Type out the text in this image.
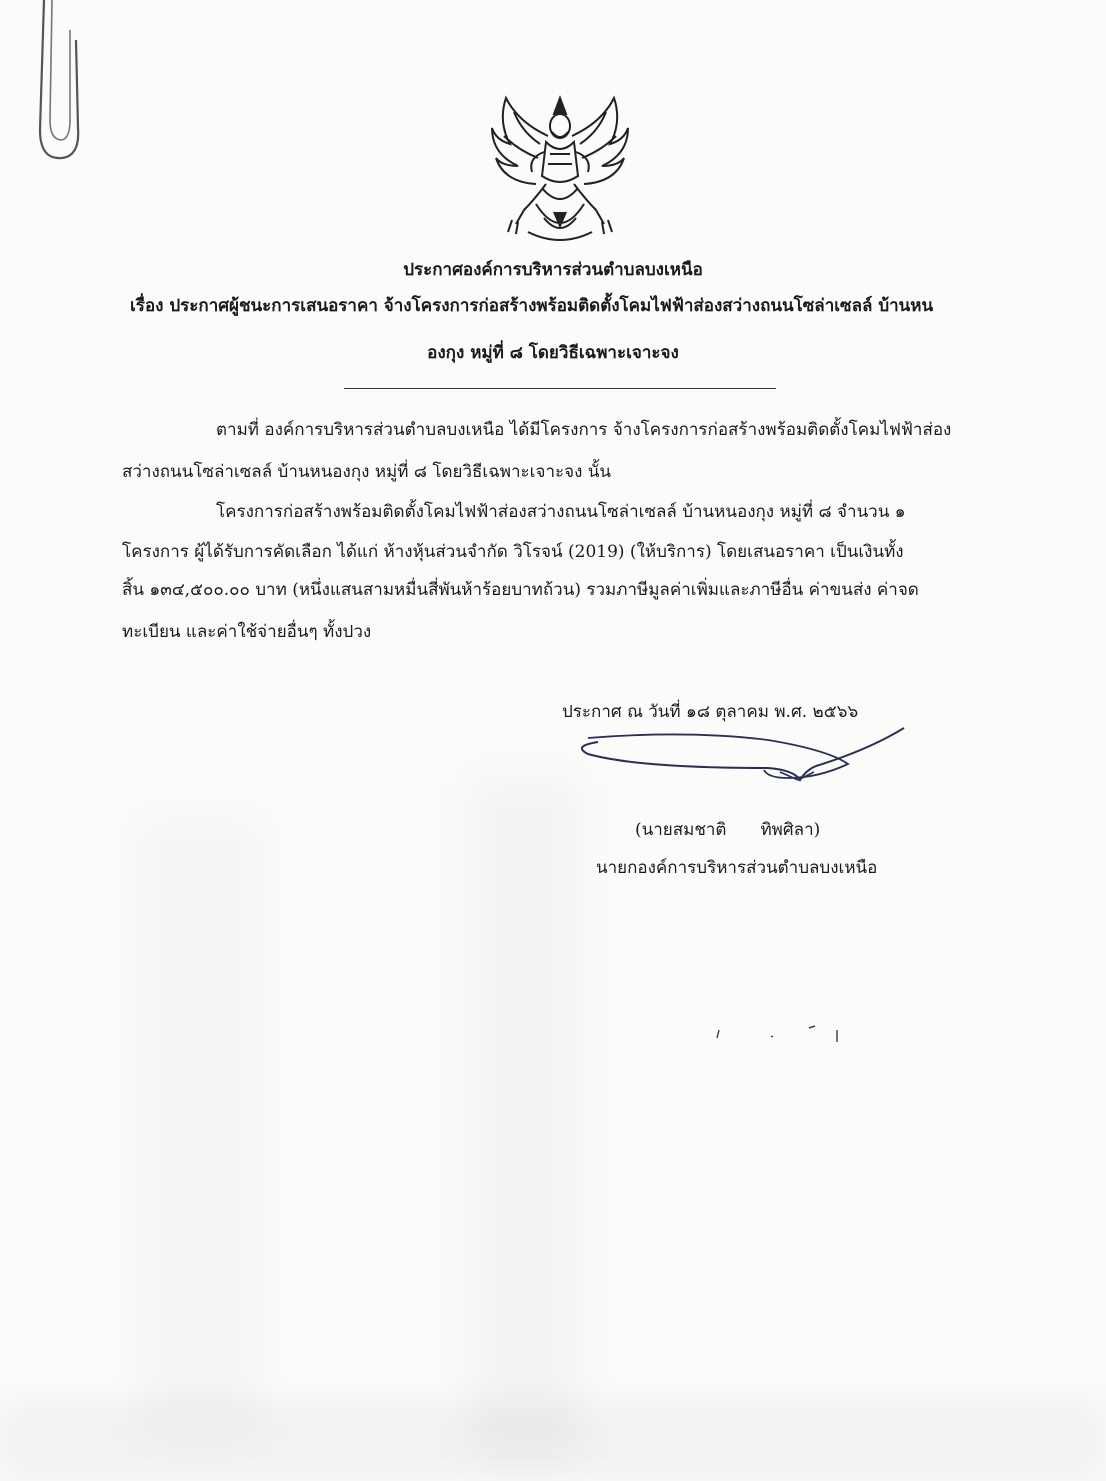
ประกาศองค์การบริหารส่วนตำบลบงเหนือ
เรื่อง ประกาศผู้ชนะการเสนอราคา จ้างโครงการก่อสร้างพร้อมติดตั้งโคมไฟฟ้าส่องสว่างถนนโซล่าเซลล์ บ้านหน
องกุง หมู่ที่ ๘ โดยวิธีเฉพาะเจาะจง
ตามที่ องค์การบริหารส่วนตำบลบงเหนือ ได้มีโครงการ จ้างโครงการก่อสร้างพร้อมติดตั้งโคมไฟฟ้าส่อง
สว่างถนนโซล่าเซลล์ บ้านหนองกุง หมู่ที่ ๘ โดยวิธีเฉพาะเจาะจง นั้น
โครงการก่อสร้างพร้อมติดตั้งโคมไฟฟ้าส่องสว่างถนนโซล่าเซลล์ บ้านหนองกุง หมู่ที่ ๘ จำนวน ๑
โครงการ ผู้ได้รับการคัดเลือก ได้แก่ ห้างหุ้นส่วนจำกัด วิโรจน์ (2019) (ให้บริการ) โดยเสนอราคา เป็นเงินทั้ง
สิ้น ๑๓๔,๕๐๐.๐๐ บาท (หนึ่งแสนสามหมื่นสี่พันห้าร้อยบาทถ้วน) รวมภาษีมูลค่าเพิ่มและภาษีอื่น ค่าขนส่ง ค่าจด
ทะเบียน และค่าใช้จ่ายอื่นๆ ทั้งปวง
ประกาศ ณ วันที่ ๑๘ ตุลาคม พ.ศ. ๒๕๖๖
(นายสมชาติ ทิพศิลา)
นายกองค์การบริหารส่วนตำบลบงเหนือ
